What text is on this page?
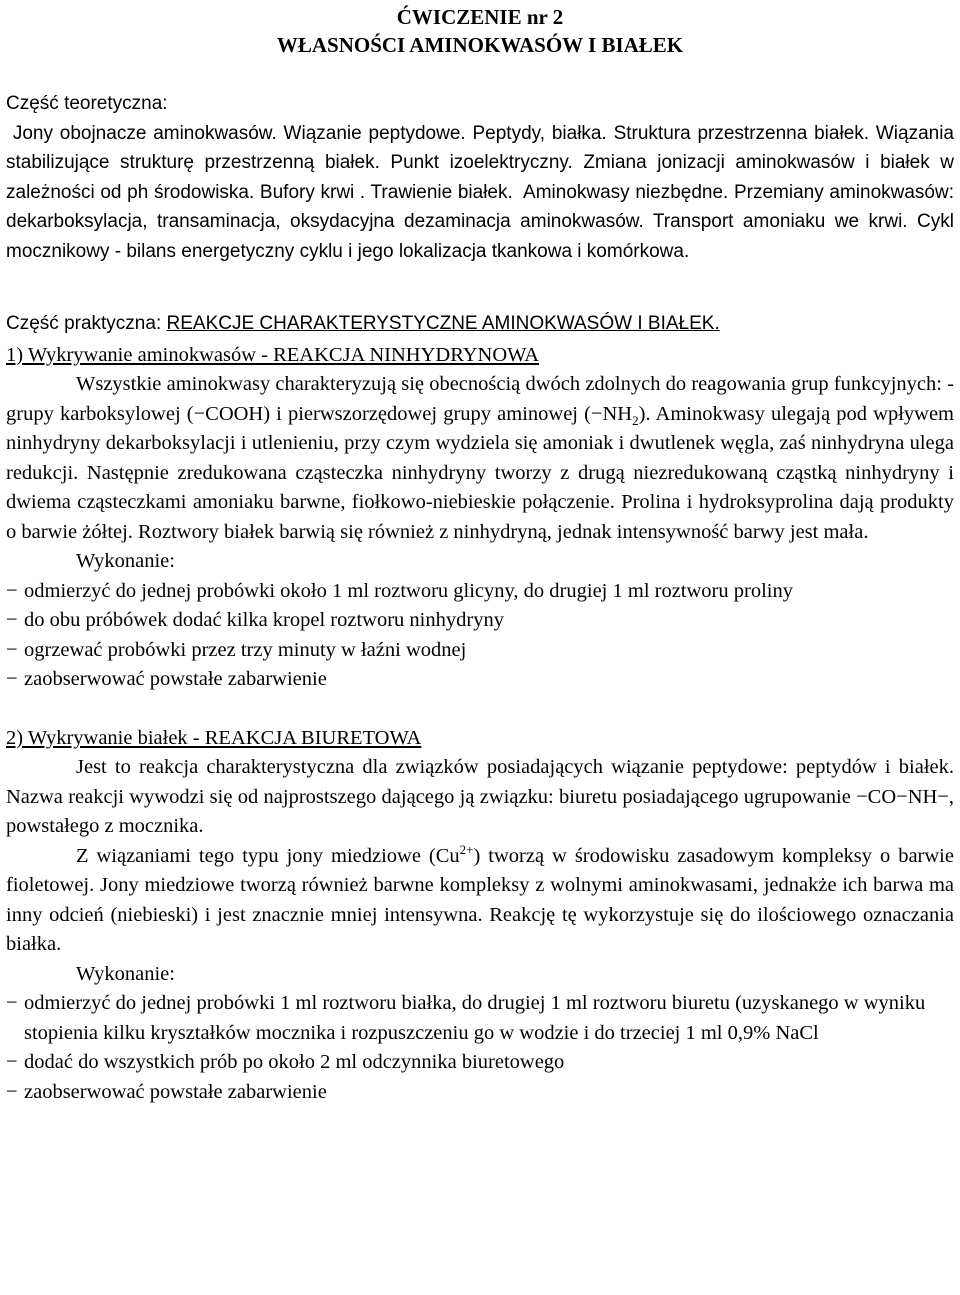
ĆWICZENIE nr 2
WŁASNOŚCI AMINOKWASÓW I BIAŁEK

Część teoretyczna:

Jony obojnacze aminokwasów. Wiązanie peptydowe. Peptydy, białka. Struktura przestrzenna białek. Wiązania stabilizujące strukturę przestrzenną białek. Punkt izoelektryczny. Zmiana jonizacji aminokwasów i białek w zależności od ph środowiska. Bufory krwi . Trawienie białek.  Aminokwasy niezbędne. Przemiany aminokwasów: dekarboksylacja, transaminacja, oksydacyjna dezaminacja aminokwasów. Transport amoniaku we krwi. Cykl mocznikowy - bilans energetyczny cyklu i jego lokalizacja tkankowa i komórkowa.

Część praktyczna: REAKCJE CHARAKTERYSTYCZNE AMINOKWASÓW I BIAŁEK.

1) Wykrywanie aminokwasów - REAKCJA NINHYDRYNOWA

Wszystkie aminokwasy charakteryzują się obecnością dwóch zdolnych do reagowania grup funkcyjnych: - grupy karboksylowej (−COOH) i pierwszorzędowej grupy aminowej $(-NH_2)$. Aminokwasy ulegają pod wpływem ninhydryny dekarboksylacji i utlenieniu, przy czym wydziela się amoniak i dwutlenek węgla, zaś ninhydryna ulega redukcji. Następnie zredukowana cząsteczka ninhydryny tworzy z drugą niezredukowaną cząstką ninhydryny i dwiema cząsteczkami amoniaku barwne, fiołkowo-niebieskie połączenie. Prolina i hydroksyprolina dają produkty o barwie żółtej. Roztwory białek barwią się również z ninhydryną, jednak intensywność barwy jest mała.

Wykonanie:

− odmierzyć do jednej probówki około 1 ml roztworu glicyny, do drugiej 1 ml roztworu proliny
− do obu próbówek dodać kilka kropel roztworu ninhydryny
− ogrzewać probówki przez trzy minuty w łaźni wodnej
− zaobserwować powstałe zabarwienie

2) Wykrywanie białek - REAKCJA BIURETOWA

Jest to reakcja charakterystyczna dla związków posiadających wiązanie peptydowe: peptydów i białek. Nazwa reakcji wywodzi się od najprostszego dającego ją związku: biuretu posiadającego ugrupowanie −CO−NH−, powstałego z mocznika.

Z wiązaniami tego typu jony miedziowe $(Cu^{2+})$ tworzą w środowisku zasadowym kompleksy o barwie fioletowej. Jony miedziowe tworzą również barwne kompleksy z wolnymi aminokwasami, jednakże ich barwa ma inny odcień (niebieski) i jest znacznie mniej intensywna. Reakcję tę wykorzystuje się do ilościowego oznaczania białka.

Wykonanie:

− odmierzyć do jednej probówki 1 ml roztworu białka, do drugiej 1 ml roztworu biuretu (uzyskanego w wyniku stopienia kilku kryształków mocznika i rozpuszczeniu go w wodzie i do trzeciej 1 ml 0,9% NaCl
− dodać do wszystkich prób po około 2 ml odczynnika biuretowego
− zaobserwować powstałe zabarwienie
